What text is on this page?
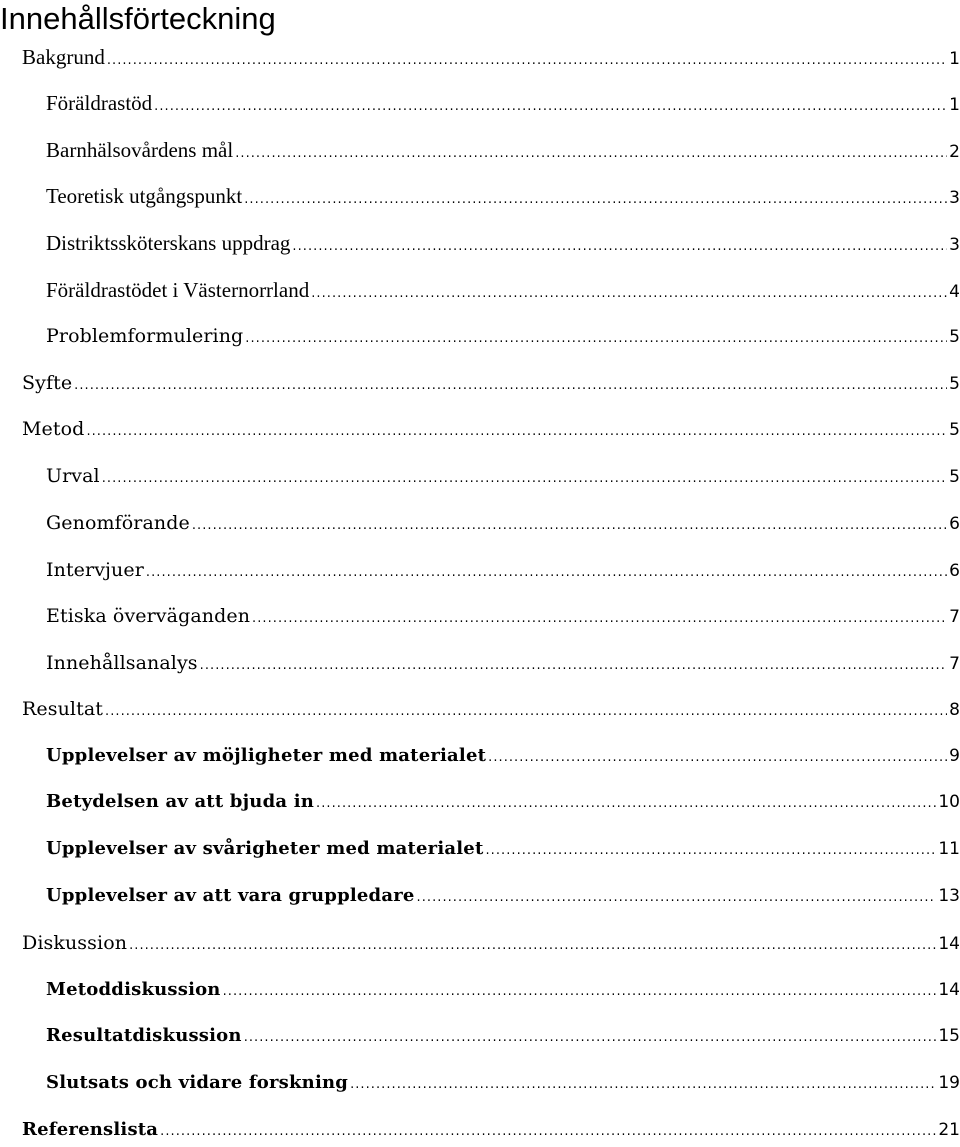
Innehållsförteckning
Bakgrund .....	1
Föräldrastöd .....	1
Barnhälsovårdens mål .....	2
Teoretisk utgångspunkt .....	3
Distriktssköterskans uppdrag .....	3
Föräldrastödet i Västernorrland .....	4
Problemformulering .....	5
Syfte .....	5
Metod .....	5
Urval .....	5
Genomförande .....	6
Intervjuer .....	6
Etiska överväganden .....	7
Innehållsanalys .....	7
Resultat .....	8
Upplevelser av möjligheter med materialet .....	9
Betydelsen av att bjuda in .....	10
Upplevelser av svårigheter med materialet .....	11
Upplevelser av att vara gruppledare .....	13
Diskussion .....	14
Metoddiskussion .....	14
Resultatdiskussion .....	15
Slutsats och vidare forskning .....	19
Referenslista .....	21
